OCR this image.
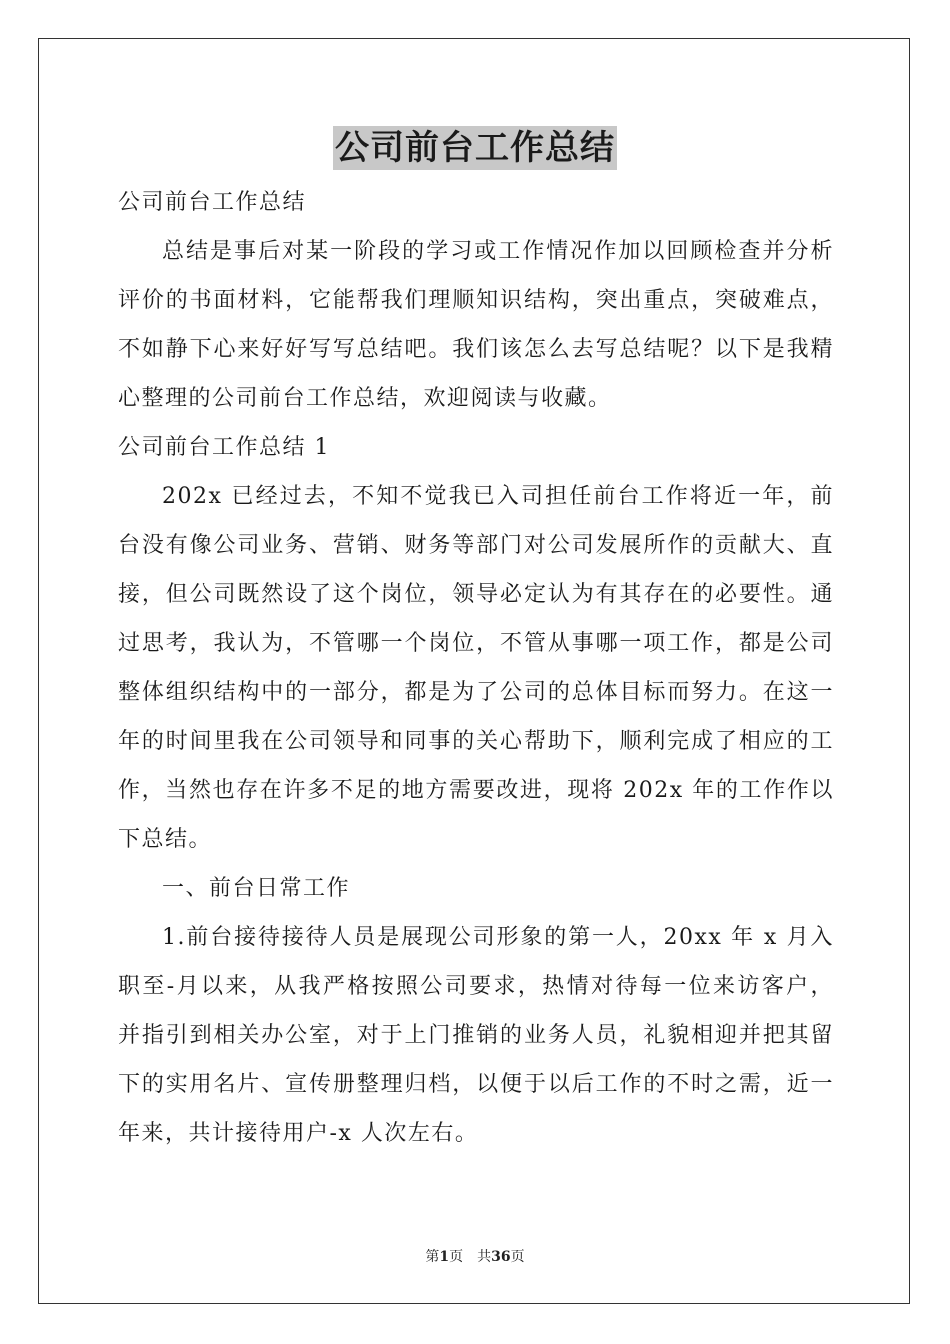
公司前台工作总结
公司前台工作总结
总结是事后对某一阶段的学习或工作情况作加以回顾检查并分析
评价的书面材料，它能帮我们理顺知识结构，突出重点，突破难点，
不如静下心来好好写写总结吧。我们该怎么去写总结呢？以下是我精
心整理的公司前台工作总结，欢迎阅读与收藏。
公司前台工作总结 1
202x 已经过去，不知不觉我已入司担任前台工作将近一年，前
台没有像公司业务、营销、财务等部门对公司发展所作的贡献大、直
接，但公司既然设了这个岗位，领导必定认为有其存在的必要性。通
过思考，我认为，不管哪一个岗位，不管从事哪一项工作，都是公司
整体组织结构中的一部分，都是为了公司的总体目标而努力。在这一
年的时间里我在公司领导和同事的关心帮助下，顺利完成了相应的工
作，当然也存在许多不足的地方需要改进，现将 202x 年的工作作以
下总结。
一、前台日常工作
1.前台接待接待人员是展现公司形象的第一人，20xx 年 x 月入
职至-月以来，从我严格按照公司要求，热情对待每一位来访客户，
并指引到相关办公室，对于上门推销的业务人员，礼貌相迎并把其留
下的实用名片、宣传册整理归档，以便于以后工作的不时之需，近一
年来，共计接待用户-x 人次左右。
第1页　共36页
